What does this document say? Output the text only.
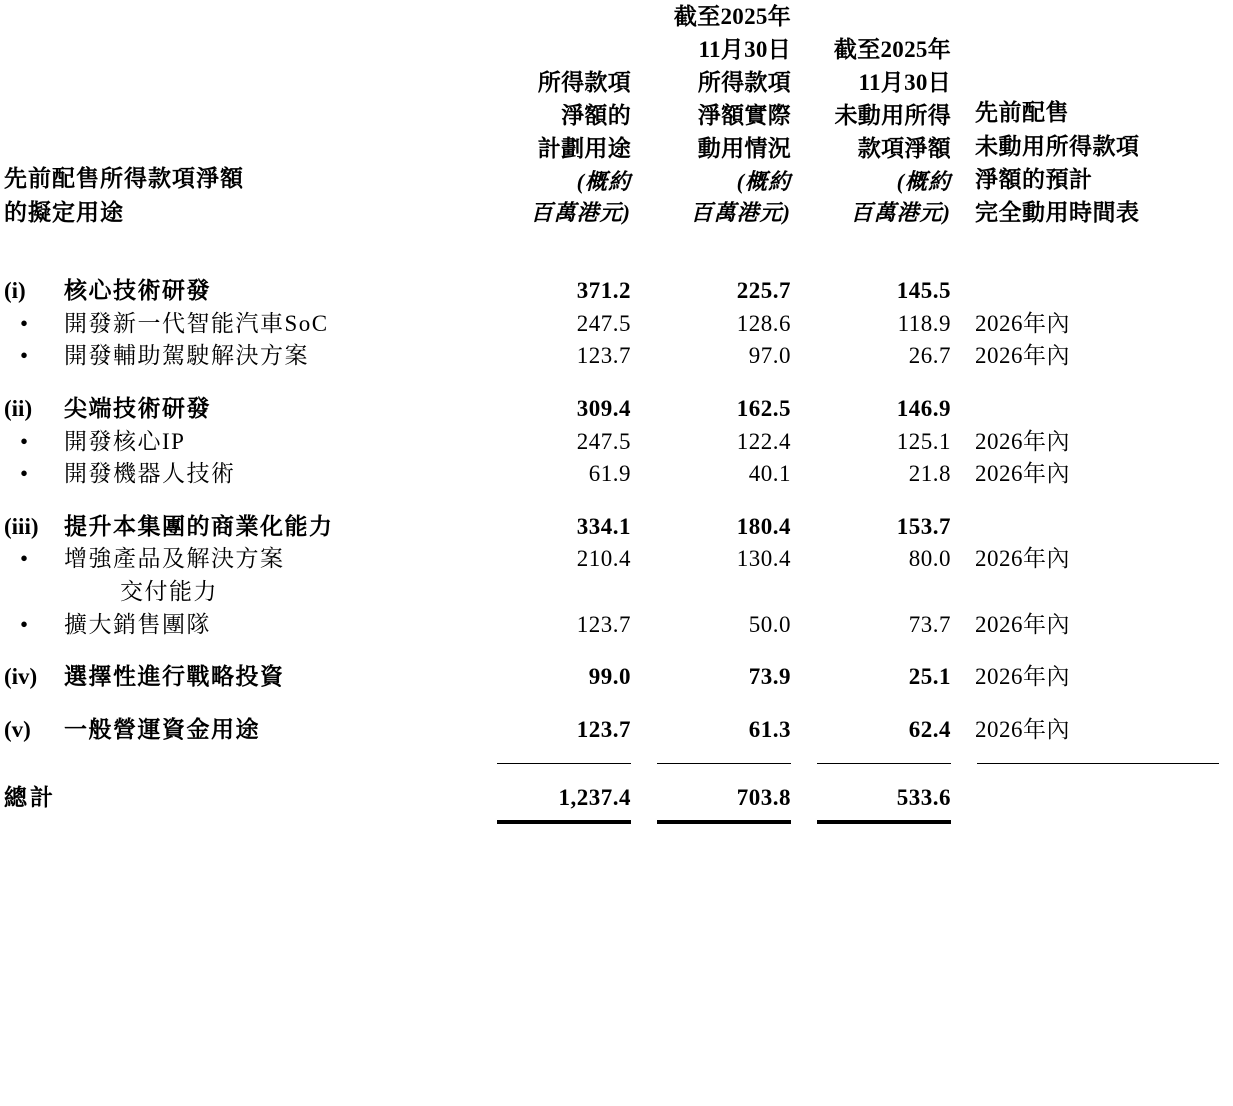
先前配售所得款項淨額
的擬定用途

所得款項
淨額的
計劃用途
(概約
百萬港元)

截至2025年
11月30日
所得款項
淨額實際
動用情況
(概約
百萬港元)

截至2025年
11月30日
未動用所得
款項淨額
(概約
百萬港元)

先前配售
未動用所得款項
淨額的預計
完全動用時間表

(i) 核心技術研發	371.2	225.7	145.5	
• 開發新一代智能汽車SoC	247.5	128.6	118.9	2026年內
• 開發輔助駕駛解決方案	123.7	97.0	26.7	2026年內
(ii) 尖端技術研發	309.4	162.5	146.9	
• 開發核心IP	247.5	122.4	125.1	2026年內
• 開發機器人技術	61.9	40.1	21.8	2026年內
(iii) 提升本集團的商業化能力	334.1	180.4	153.7	
• 增強產品及解決方案	210.4	130.4	80.0	2026年內
交付能力				
• 擴大銷售團隊	123.7	50.0	73.7	2026年內
(iv) 選擇性進行戰略投資	99.0	73.9	25.1	2026年內
(v) 一般營運資金用途	123.7	61.3	62.4	2026年內

總計	1,237.4	703.8	533.6	
